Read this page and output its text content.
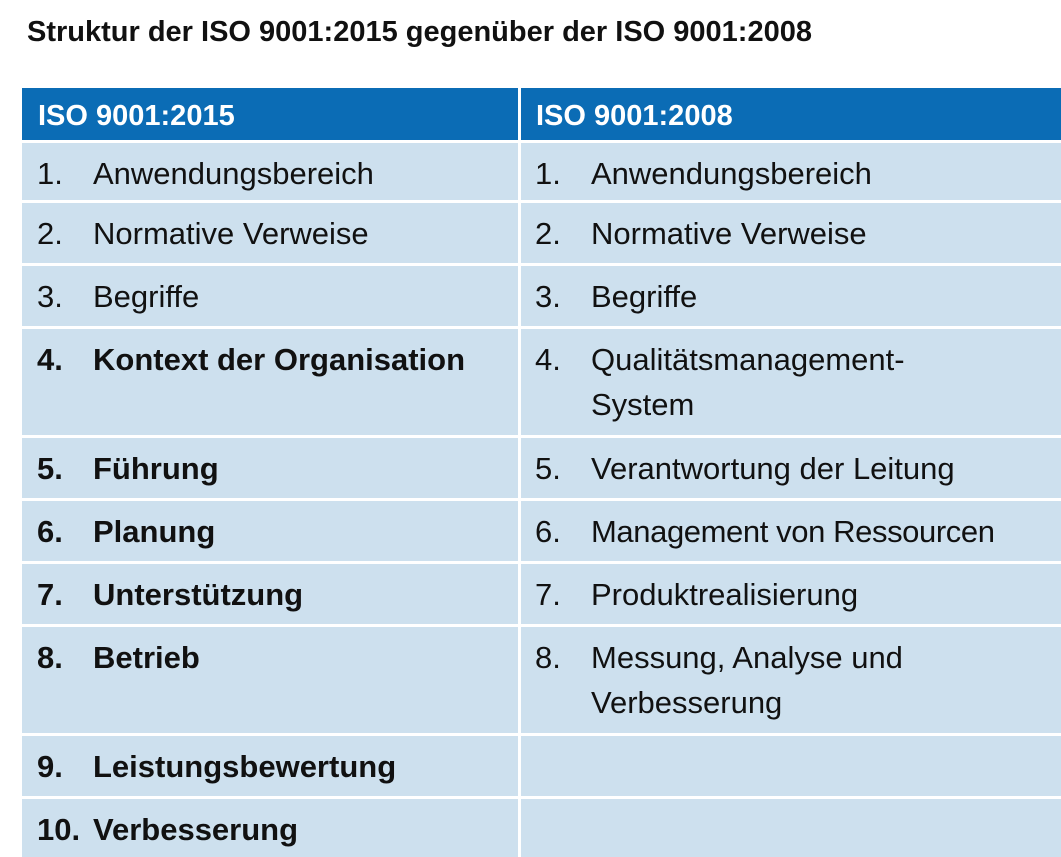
Struktur der ISO 9001:2015 gegenüber der ISO 9001:2008
ISO 9001:2015	ISO 9001:2008
1. Anwendungsbereich	1. Anwendungsbereich
2. Normative Verweise	2. Normative Verweise
3. Begriffe	3. Begriffe
4. Kontext der Organisation	4. Qualitätsmanagement-
System
5. Führung	5. Verantwortung der Leitung
6. Planung	6. Management von Ressourcen
7. Unterstützung	7. Produktrealisierung
8. Betrieb	8. Messung, Analyse und Verbesserung
9. Leistungsbewertung
10. Verbesserung
